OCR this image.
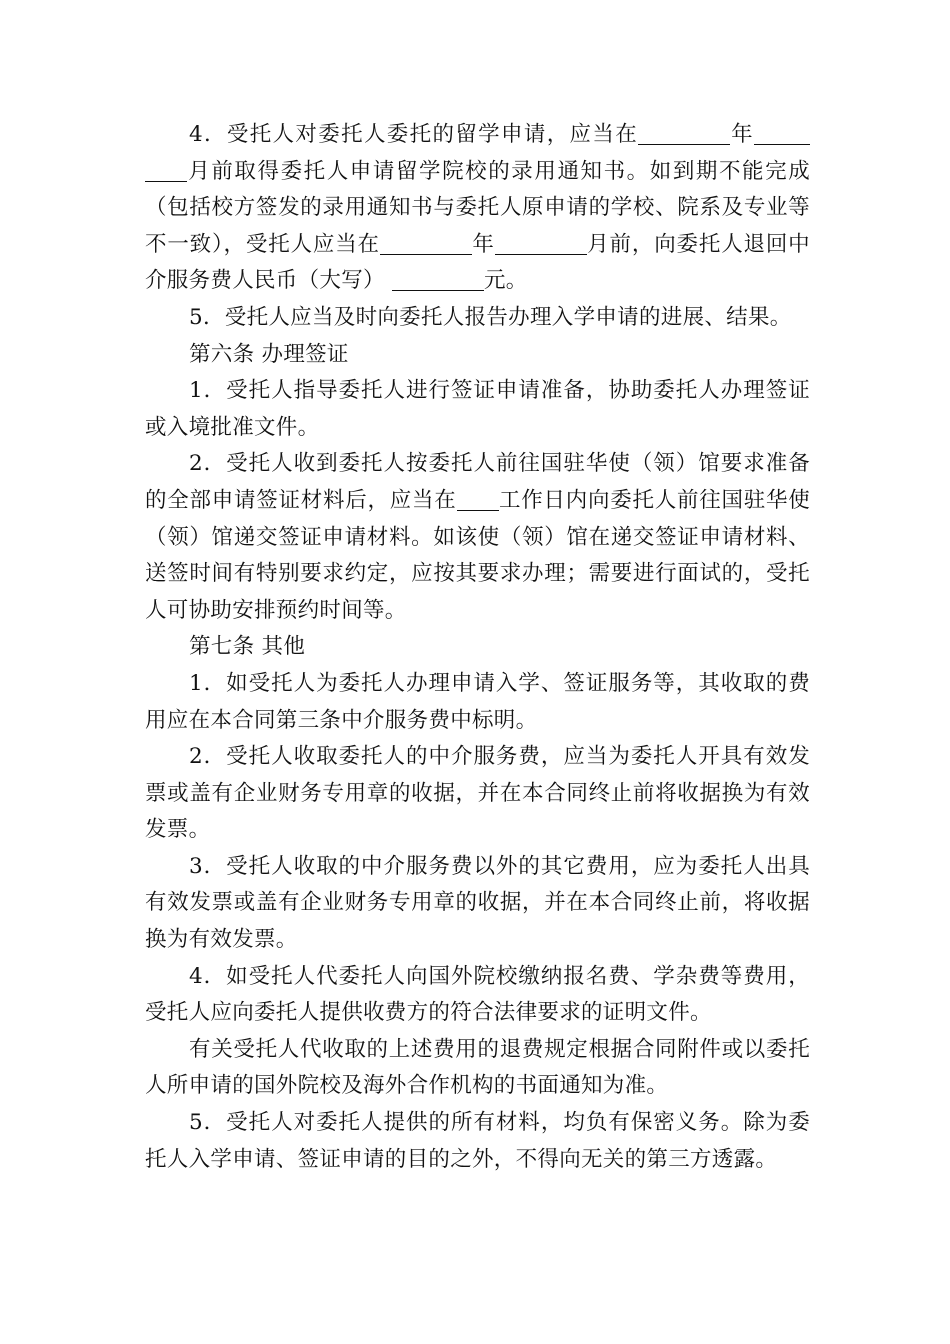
4．受托人对委托人委托的留学申请，应当在	年月前取得委托人申请留学院校的录用通知书。如到期不能完成（包括校方签发的录用通知书与委托人原申请的学校、院系及专业等不一致），受托人应当在	年	月前，向委托人退回中介服务费人民币（大写）	元。

5．受托人应当及时向委托人报告办理入学申请的进展、结果。

第六条 办理签证

1．受托人指导委托人进行签证申请准备，协助委托人办理签证或入境批准文件。

2．受托人收到委托人按委托人前往国驻华使（领）馆要求准备的全部申请签证材料后，应当在 工作日内向委托人前往国驻华使（领）馆递交签证申请材料。如该使（领）馆在递交签证申请材料、送签时间有特别要求约定，应按其要求办理；需要进行面试的，受托人可协助安排预约时间等。

第七条 其他

1．如受托人为委托人办理申请入学、签证服务等，其收取的费用应在本合同第三条中介服务费中标明。

2．受托人收取委托人的中介服务费，应当为委托人开具有效发票或盖有企业财务专用章的收据，并在本合同终止前将收据换为有效发票。

3．受托人收取的中介服务费以外的其它费用，应为委托人出具有效发票或盖有企业财务专用章的收据，并在本合同终止前，将收据换为有效发票。

4．如受托人代委托人向国外院校缴纳报名费、学杂费等费用，受托人应向委托人提供收费方的符合法律要求的证明文件。

有关受托人代收取的上述费用的退费规定根据合同附件或以委托人所申请的国外院校及海外合作机构的书面通知为准。

5．受托人对委托人提供的所有材料，均负有保密义务。除为委托人入学申请、签证申请的目的之外，不得向无关的第三方透露。
